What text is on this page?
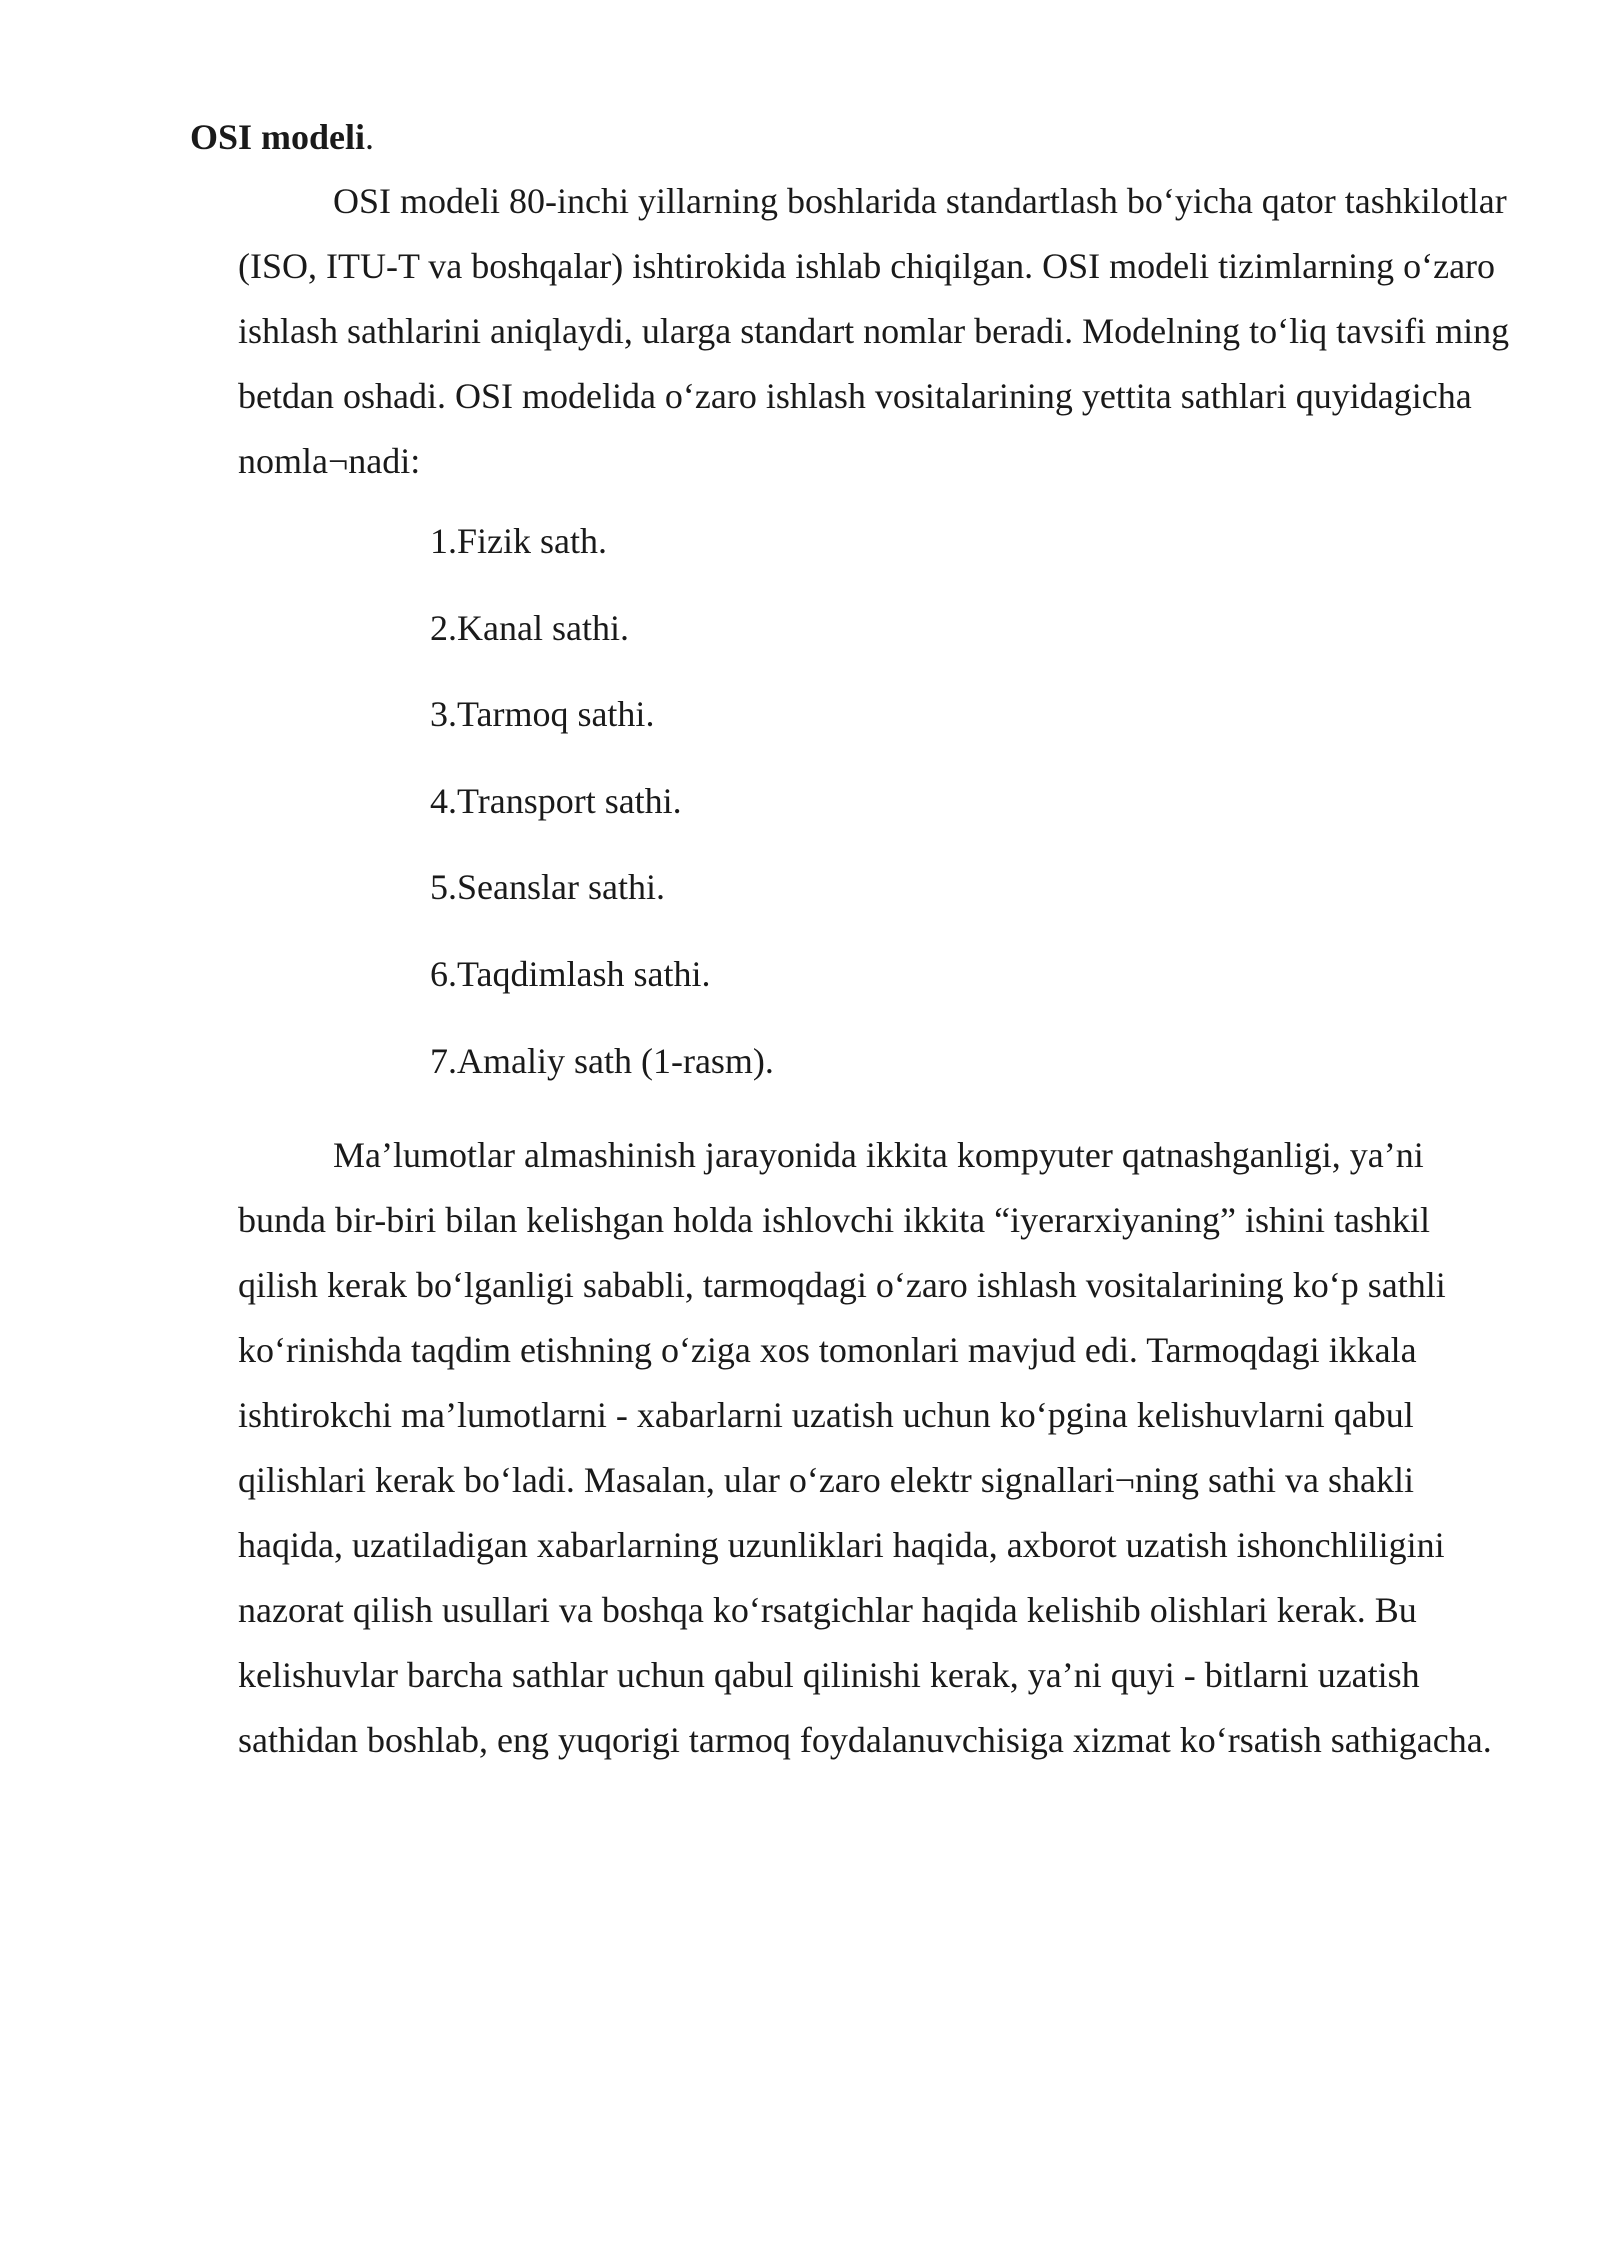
OSI modeli.

OSI modeli 80-inchi yillarning boshlarida standartlash bo‘yicha qator tashkilotlar (ISO, ITU-T va boshqalar) ishtirokida ishlab chiqilgan. OSI modeli tizimlarning o‘zaro ishlash sathlarini aniqlaydi, ularga standart nomlar beradi. Modelning to‘liq tavsifi ming betdan oshadi. OSI modelida o‘zaro ishlash vositalarining yettita sathlari quyidagicha nomla¬nadi:

1.Fizik sath.
2.Kanal sathi.
3.Tarmoq sathi.
4.Transport sathi.
5.Seanslar sathi.
6.Taqdimlash sathi.
7.Amaliy sath (1-rasm).

Ma’lumotlar almashinish jarayonida ikkita kompyuter qatnashganligi, ya’ni bunda bir-biri bilan kelishgan holda ishlovchi ikkita “iyerarxiyaning” ishini tashkil qilish kerak bo‘lganligi sababli, tarmoqdagi o‘zaro ishlash vositalarining ko‘p sathli ko‘rinishda taqdim etishning o‘ziga xos tomonlari mavjud edi. Tarmoqdagi ikkala ishtirokchi ma’lumotlarni - xabarlarni uzatish uchun ko‘pgina kelishuvlarni qabul qilishlari kerak bo‘ladi. Masalan, ular o‘zaro elektr signallari¬ning sathi va shakli haqida, uzatiladigan xabarlarning uzunliklari haqida, axborot uzatish ishonchliligini nazorat qilish usullari va boshqa ko‘rsatgichlar haqida kelishib olishlari kerak. Bu kelishuvlar barcha sathlar uchun qabul qilinishi kerak, ya’ni quyi - bitlarni uzatish sathidan boshlab, eng yuqorigi tarmoq foydalanuvchisiga xizmat ko‘rsatish sathigacha.
